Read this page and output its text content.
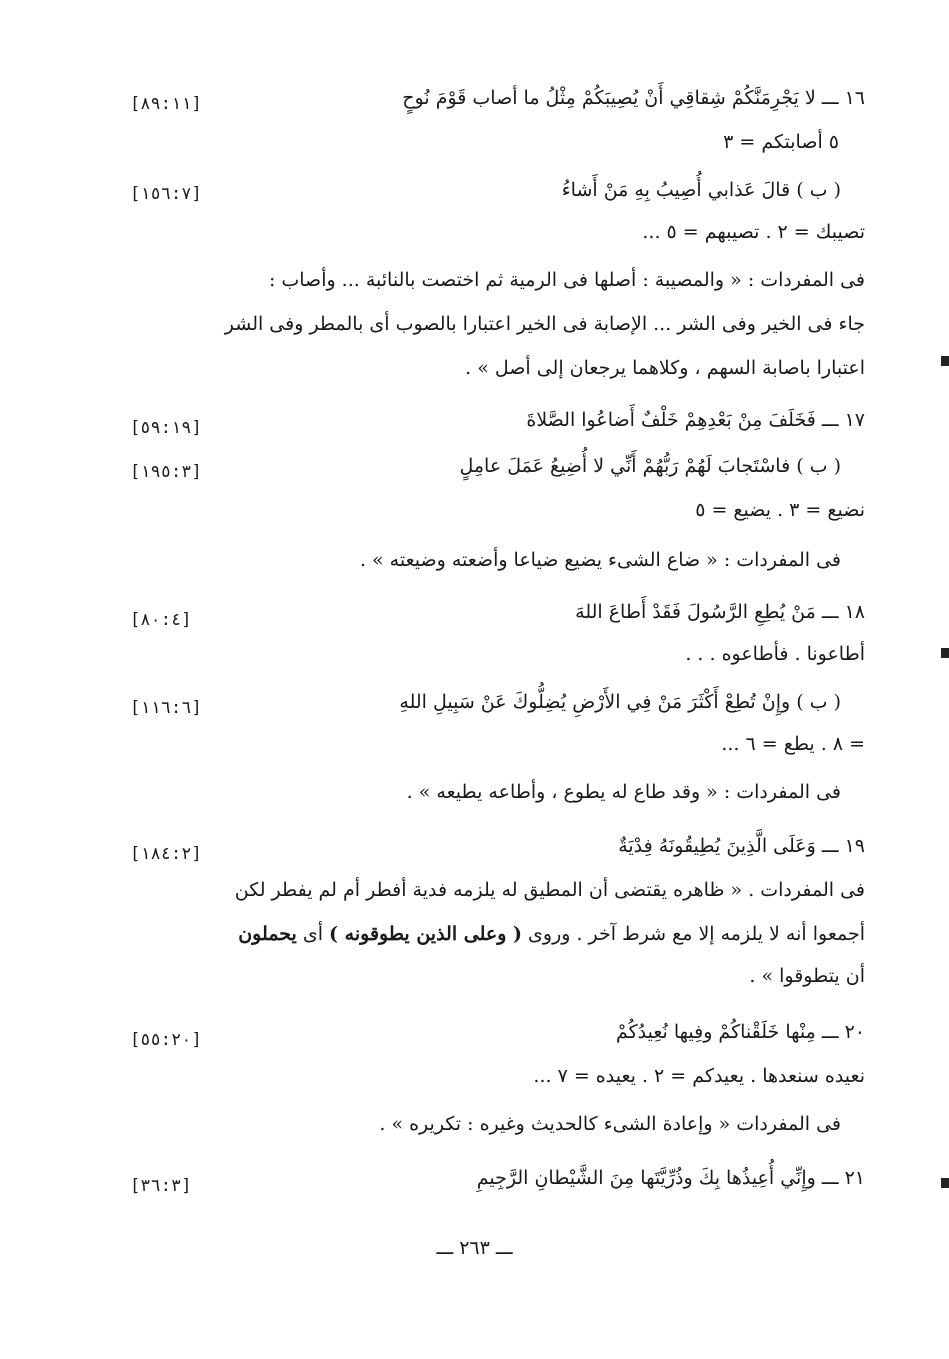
١٦ ـــ لا يَجْرِمَنَّكُمْ شِقاقِي أَنْ يُصِيبَكُمْ مِثْلُ ما أصاب قَوْمَ نُوحٍ
[٨٩:١١]
٥ أصابتكم = ٣
( ب ) قالَ عَذابي أُصِيبُ بِهِ مَنْ أَشاءُ
[١٥٦:٧]
تصيبك = ٢ . تصيبهم = ٥ ...
فى المفردات : « والمصيبة : أصلها فى الرمية ثم اختصت بالنائبة ... وأصاب :
جاء فى الخير وفى الشر ... الإصابة فى الخير اعتبارا بالصوب أى بالمطر وفى الشر
اعتبارا باصابة السهم ، وكلاهما يرجعان إلى أصل » .
١٧ ـــ فَخَلَفَ مِنْ بَعْدِهِمْ خَلْفٌ أَضاعُوا الصَّلاةَ
[٥٩:١٩]
( ب ) فاسْتَجابَ لَهُمْ رَبُّهُمْ أَنِّي لا أُضِيعُ عَمَلَ عامِلٍ
[١٩٥:٣]
نضيع = ٣ . يضيع = ٥
فى المفردات : « ضاع الشىء يضيع ضياعا وأضعته وضيعته » .
١٨ ـــ مَنْ يُطِعِ الرَّسُولَ فَقَدْ أَطاعَ اللهَ
[٨٠:٤]
أطاعونا . فأطاعوه . . .
( ب ) وإِنْ تُطِعْ أَكْثَرَ مَنْ فِي الأَرْضِ يُضِلُّوكَ عَنْ سَبِيلِ اللهِ
[١١٦:٦]
= ٨ . يطع = ٦ ...
فى المفردات : « وقد طاع له يطوع ، وأطاعه يطيعه » .
١٩ ـــ وَعَلَى الَّذِينَ يُطِيقُونَهُ فِدْيَةٌ
[١٨٤:٢]
فى المفردات . « ظاهره يقتضى أن المطيق له يلزمه فدية أفطر أم لم يفطر لكن
أجمعوا أنه لا يلزمه إلا مع شرط آخر . وروى ( وعلى الذين يطوقونه ) أى يحملون
أن يتطوقوا » .
٢٠ ـــ مِنْها خَلَقْناكُمْ وفِيها نُعِيدُكُمْ
[٥٥:٢٠]
نعيده سنعدها . يعيدكم = ٢ . يعيده = ٧ ...
فى المفردات « وإعادة الشىء كالحديث وغيره : تكريره » .
٢١ ـــ وإِنِّي أُعِيذُها بِكَ وذُرِّيَّتَها مِنَ الشَّيْطانِ الرَّجِيمِ
[٣٦:٣]
ـــ ٢٦٣ ـــ
